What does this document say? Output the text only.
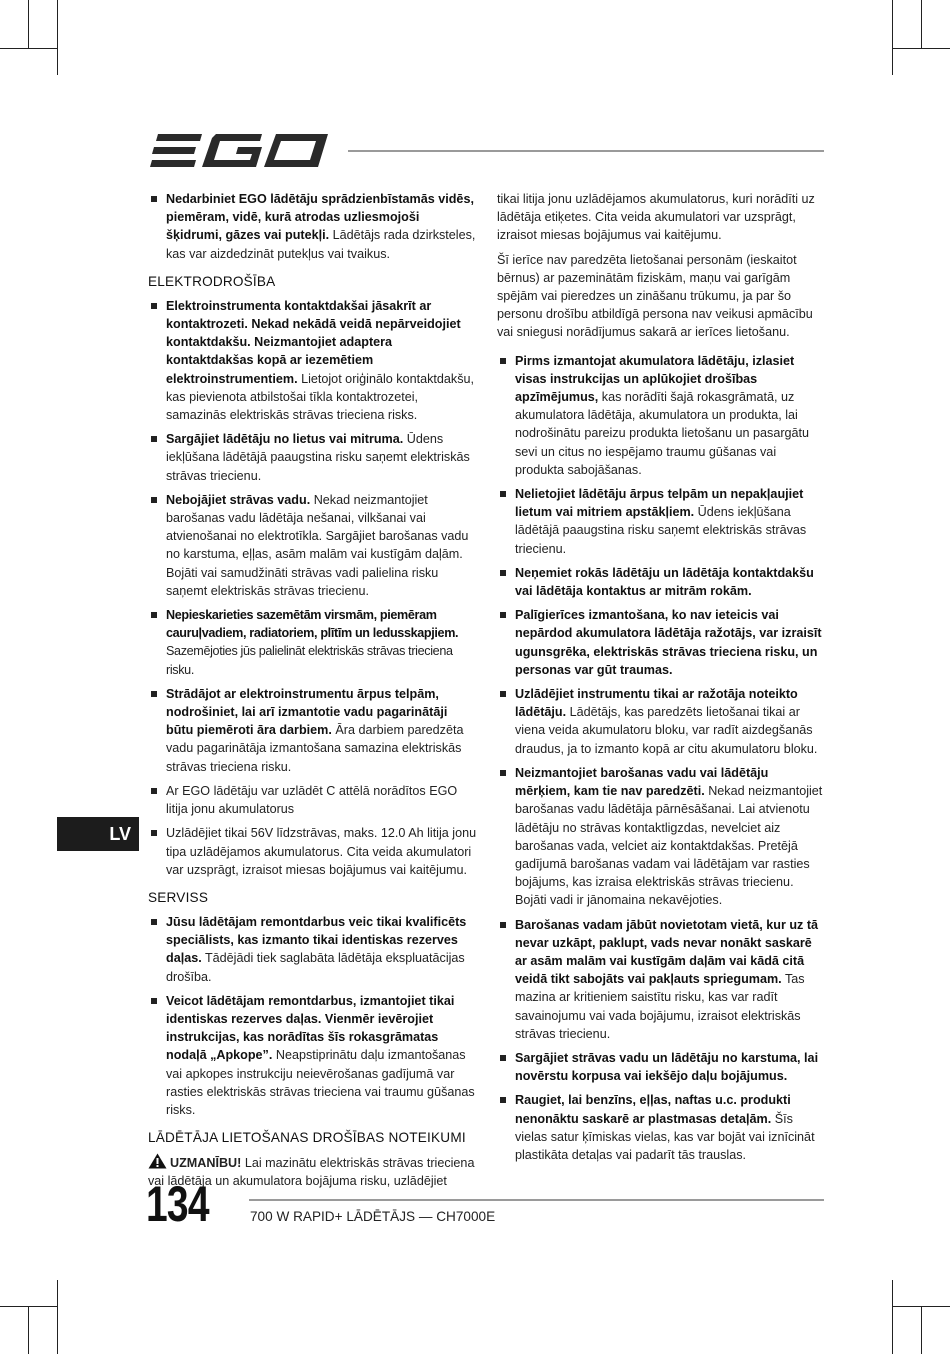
Nedarbiniet EGO lādētāju sprādzienbīstamās vidēs, piemēram, vidē, kurā atrodas uzliesmojoši šķidrumi, gāzes vai putekļi. Lādētājs rada dzirksteles, kas var aizdedzināt putekļus vai tvaikus.
ELEKTRODROŠĪBA
Elektroinstrumenta kontaktdakšai jāsakrīt ar kontaktrozeti. Nekad nekādā veidā nepārveidojiet kontaktdakšu. Neizmantojiet adaptera kontaktdakšas kopā ar iezemētiem elektroinstrumentiem. Lietojot oriģinālo kontaktdakšu, kas pievienota atbilstošai tīkla kontaktrozetei, samazinās elektriskās strāvas trieciena risks.
Sargājiet lādētāju no lietus vai mitruma. Ūdens iekļūšana lādētājā paaugstina risku saņemt elektriskās strāvas triecienu.
Nebojājiet strāvas vadu. Nekad neizmantojiet barošanas vadu lādētāja nešanai, vilkšanai vai atvienošanai no elektrotīkla. Sargājiet barošanas vadu no karstuma, eļļas, asām malām vai kustīgām daļām. Bojāti vai samudžināti strāvas vadi palielina risku saņemt elektriskās strāvas triecienu.
Nepieskarieties sazemētām virsmām, piemēram cauruļvadiem, radiatoriem, plītīm un ledusskapjiem. Sazemējoties jūs palielināt elektriskās strāvas trieciena risku.
Strādājot ar elektroinstrumentu ārpus telpām, nodrošiniet, lai arī izmantotie vadu pagarinātāji būtu piemēroti āra darbiem. Āra darbiem paredzēta vadu pagarinātāja izmantošana samazina elektriskās strāvas trieciena risku.
Ar EGO lādētāju var uzlādēt C attēlā norādītos EGO litija jonu akumulatorus
Uzlādējiet tikai 56V līdzstrāvas, maks. 12.0 Ah litija jonu tipa uzlādējamos akumulatorus. Cita veida akumulatori var uzsprāgt, izraisot miesas bojājumus vai kaitējumu.
SERVISS
Jūsu lādētājam remontdarbus veic tikai kvalificēts speciālists, kas izmanto tikai identiskas rezerves daļas. Tādējādi tiek saglabāta lādētāja ekspluatācijas drošība.
Veicot lādētājam remontdarbus, izmantojiet tikai identiskas rezerves daļas. Vienmēr ievērojiet instrukcijas, kas norādītas šīs rokasgrāmatas nodaļā „Apkope”. Neapstiprinātu daļu izmantošanas vai apkopes instrukciju neievērošanas gadījumā var rasties elektriskās strāvas trieciena vai traumu gūšanas risks.
LĀDĒTĀJA LIETOŠANAS DROŠĪBAS NOTEIKUMI

UZMANĪBU! Lai mazinātu elektriskās strāvas trieciena vai lādētāja un akumulatora bojājuma risku, uzlādējiet

tikai litija jonu uzlādējamos akumulatorus, kuri norādīti uz lādētāja etiķetes. Cita veida akumulatori var uzsprāgt, izraisot miesas bojājumus vai kaitējumu.

Šī ierīce nav paredzēta lietošanai personām (ieskaitot bērnus) ar pazeminātām fiziskām, maņu vai garīgām spējām vai pieredzes un zināšanu trūkumu, ja par šo personu drošību atbildīgā persona nav veikusi apmācību vai sniegusi norādījumus sakarā ar ierīces lietošanu.

Pirms izmantojat akumulatora lādētāju, izlasiet visas instrukcijas un aplūkojiet drošības apzīmējumus, kas norādīti šajā rokasgrāmatā, uz akumulatora lādētāja, akumulatora un produkta, lai nodrošinātu pareizu produkta lietošanu un pasargātu sevi un citus no iespējamo traumu gūšanas vai produkta sabojāšanas.
Nelietojiet lādētāju ārpus telpām un nepakļaujiet lietum vai mitriem apstākļiem. Ūdens iekļūšana lādētājā paaugstina risku saņemt elektriskās strāvas triecienu.
Neņemiet rokās lādētāju un lādētāja kontaktdakšu vai lādētāja kontaktus ar mitrām rokām.
Palīgierīces izmantošana, ko nav ieteicis vai nepārdod akumulatora lādētāja ražotājs, var izraisīt ugunsgrēka, elektriskās strāvas trieciena risku, un personas var gūt traumas.
Uzlādējiet instrumentu tikai ar ražotāja noteikto lādētāju. Lādētājs, kas paredzēts lietošanai tikai ar viena veida akumulatoru bloku, var radīt aizdegšanās draudus, ja to izmanto kopā ar citu akumulatoru bloku.
Neizmantojiet barošanas vadu vai lādētāju mērķiem, kam tie nav paredzēti. Nekad neizmantojiet barošanas vadu lādētāja pārnēsāšanai. Lai atvienotu lādētāju no strāvas kontaktligzdas, nevelciet aiz barošanas vada, velciet aiz kontaktdakšas. Pretējā gadījumā barošanas vadam vai lādētājam var rasties bojājums, kas izraisa elektriskās strāvas triecienu. Bojāti vadi ir jānomaina nekavējoties.
Barošanas vadam jābūt novietotam vietā, kur uz tā nevar uzkāpt, paklupt, vads nevar nonākt saskarē ar asām malām vai kustīgām daļām vai kādā citā veidā tikt sabojāts vai pakļauts spriegumam. Tas mazina ar kritieniem saistītu risku, kas var radīt savainojumu vai vada bojājumu, izraisot elektriskās strāvas triecienu.
Sargājiet strāvas vadu un lādētāju no karstuma, lai novērstu korpusa vai iekšējo daļu bojājumus.
Raugiet, lai benzīns, eļļas, naftas u.c. produkti nenonāktu saskarē ar plastmasas detaļām. Šīs vielas satur ķīmiskas vielas, kas var bojāt vai iznīcināt plastikāta detaļas vai padarīt tās trauslas.
LV
134	700 W RAPID+ LĀDĒTĀJS — CH7000E
